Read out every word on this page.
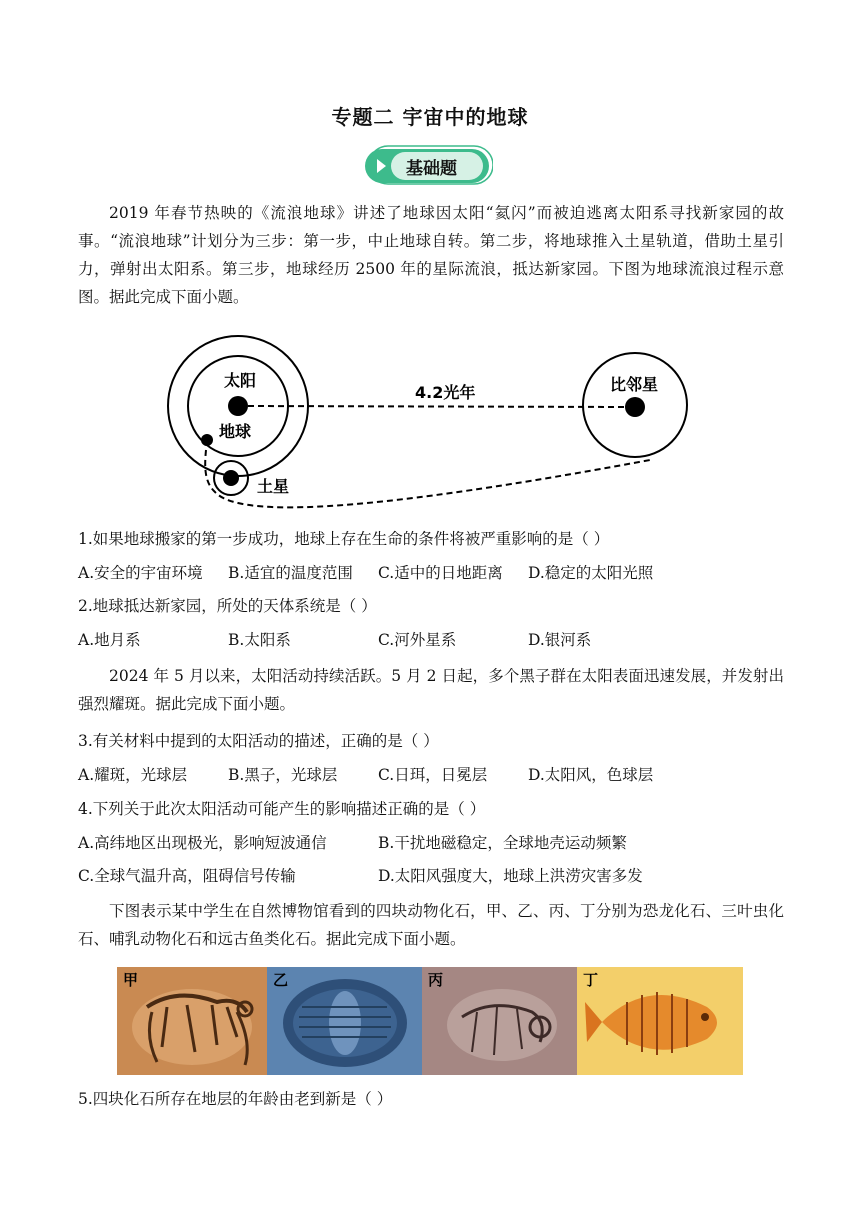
专题二 宇宙中的地球
基础题
2019 年春节热映的《流浪地球》讲述了地球因太阳“氦闪”而被迫逃离太阳系寻找新家园的故事。“流浪地球”计划分为三步：第一步，中止地球自转。第二步，将地球推入土星轨道，借助土星引力，弹射出太阳系。第三步，地球经历 2500 年的星际流浪，抵达新家园。下图为地球流浪过程示意图。据此完成下面小题。
太阳
地球
土星
比邻星
4.2光年
1.如果地球搬家的第一步成功，地球上存在生命的条件将被严重影响的是（ ）
A.安全的宇宙环境 B.适宜的温度范围 C.适中的日地距离 D.稳定的太阳光照
2.地球抵达新家园，所处的天体系统是（ ）
A.地月系	B.太阳系	C.河外星系	D.银河系
2024 年 5 月以来，太阳活动持续活跃。5 月 2 日起，多个黑子群在太阳表面迅速发展，并发射出强烈耀斑。据此完成下面小题。
3.有关材料中提到的太阳活动的描述，正确的是（ ）
A.耀斑，光球层	B.黑子，光球层	C.日珥，日冕层	D.太阳风，色球层
4.下列关于此次太阳活动可能产生的影响描述正确的是（ ）
A.高纬地区出现极光，影响短波通信	B.干扰地磁稳定，全球地壳运动频繁
C.全球气温升高，阻碍信号传输	D.太阳风强度大，地球上洪涝灾害多发
下图表示某中学生在自然博物馆看到的四块动物化石，甲、乙、丙、丁分别为恐龙化石、三叶虫化石、哺乳动物化石和远古鱼类化石。据此完成下面小题。
甲	乙	丙	丁
5.四块化石所存在地层的年龄由老到新是（ ）
